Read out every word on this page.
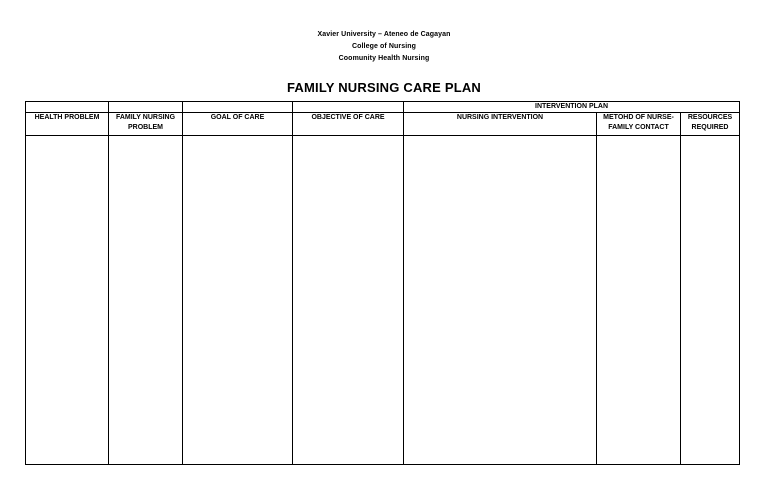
Xavier University – Ateneo de Cagayan
College of Nursing
Coomunity Health Nursing
FAMILY NURSING CARE PLAN
				INTERVENTION PLAN		
HEALTH PROBLEM	FAMILY NURSING PROBLEM	GOAL OF CARE	OBJECTIVE OF CARE	NURSING INTERVENTION	METOHD OF NURSE-FAMILY CONTACT	RESOURCES REQUIRED
